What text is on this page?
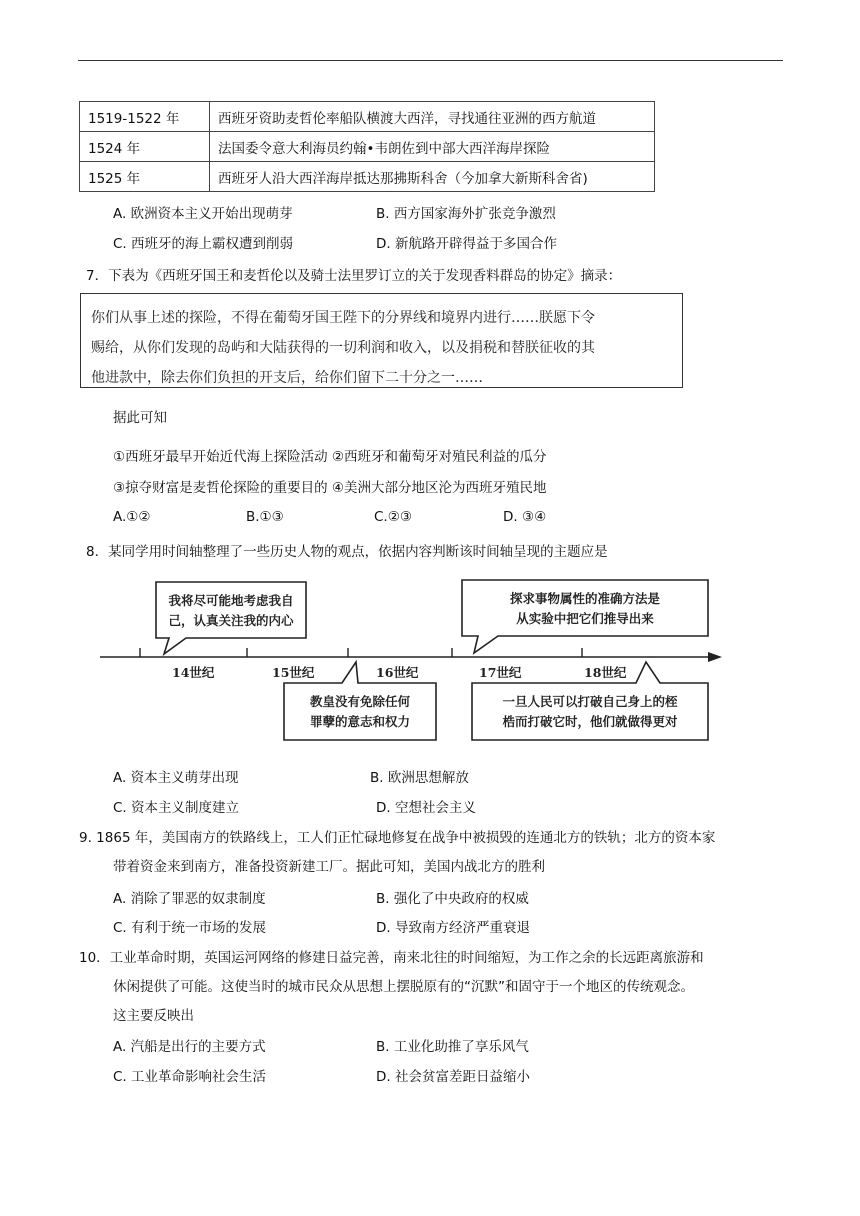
1519-1522 年	西班牙资助麦哲伦率船队横渡大西洋，寻找通往亚洲的西方航道
1524 年	法国委令意大利海员约翰•韦朗佐到中部大西洋海岸探险
1525 年	西班牙人沿大西洋海岸抵达那拂斯科舍（今加拿大新斯科舍省)
A. 欧洲资本主义开始出现萌芽	B. 西方国家海外扩张竞争激烈
C. 西班牙的海上霸权遭到削弱	D. 新航路开辟得益于多国合作
7．下表为《西班牙国王和麦哲伦以及骑士法里罗订立的关于发现香料群岛的协定》摘录：
你们从事上述的探险，不得在葡萄牙国王陛下的分界线和境界内进行……朕愿下令
赐给，从你们发现的岛屿和大陆获得的一切利润和收入，以及捐税和替朕征收的其
他进款中，除去你们负担的开支后，给你们留下二十分之一……
据此可知
①西班牙最早开始近代海上探险活动 ②西班牙和葡萄牙对殖民利益的瓜分
③掠夺财富是麦哲伦探险的重要目的 ④美洲大部分地区沦为西班牙殖民地
A.①②	B.①③	C.②③	D. ③④
8．某同学用时间轴整理了一些历史人物的观点，依据内容判断该时间轴呈现的主题应是
我将尽可能地考虑我自
己，认真关注我的内心
探求事物属性的准确方法是
从实验中把它们推导出来
14世纪	15世纪	16世纪	17世纪	18世纪
教皇没有免除任何
罪孽的意志和权力
一旦人民可以打破自己身上的桎
梏而打破它时，他们就做得更对
A. 资本主义萌芽出现	B. 欧洲思想解放
C. 资本主义制度建立	D. 空想社会主义
9. 1865 年，美国南方的铁路线上，工人们正忙碌地修复在战争中被损毁的连通北方的铁轨；北方的资本家
带着资金来到南方，准备投资新建工厂。据此可知，美国内战北方的胜利
A. 消除了罪恶的奴隶制度	B. 强化了中央政府的权威
C. 有利于统一市场的发展	D. 导致南方经济严重衰退
10．工业革命时期，英国运河网络的修建日益完善，南来北往的时间缩短，为工作之余的长远距离旅游和
休闲提供了可能。这使当时的城市民众从思想上摆脱原有的“沉默”和固守于一个地区的传统观念。
这主要反映出
A. 汽船是出行的主要方式	B. 工业化助推了享乐风气
C. 工业革命影响社会生活	D. 社会贫富差距日益缩小
